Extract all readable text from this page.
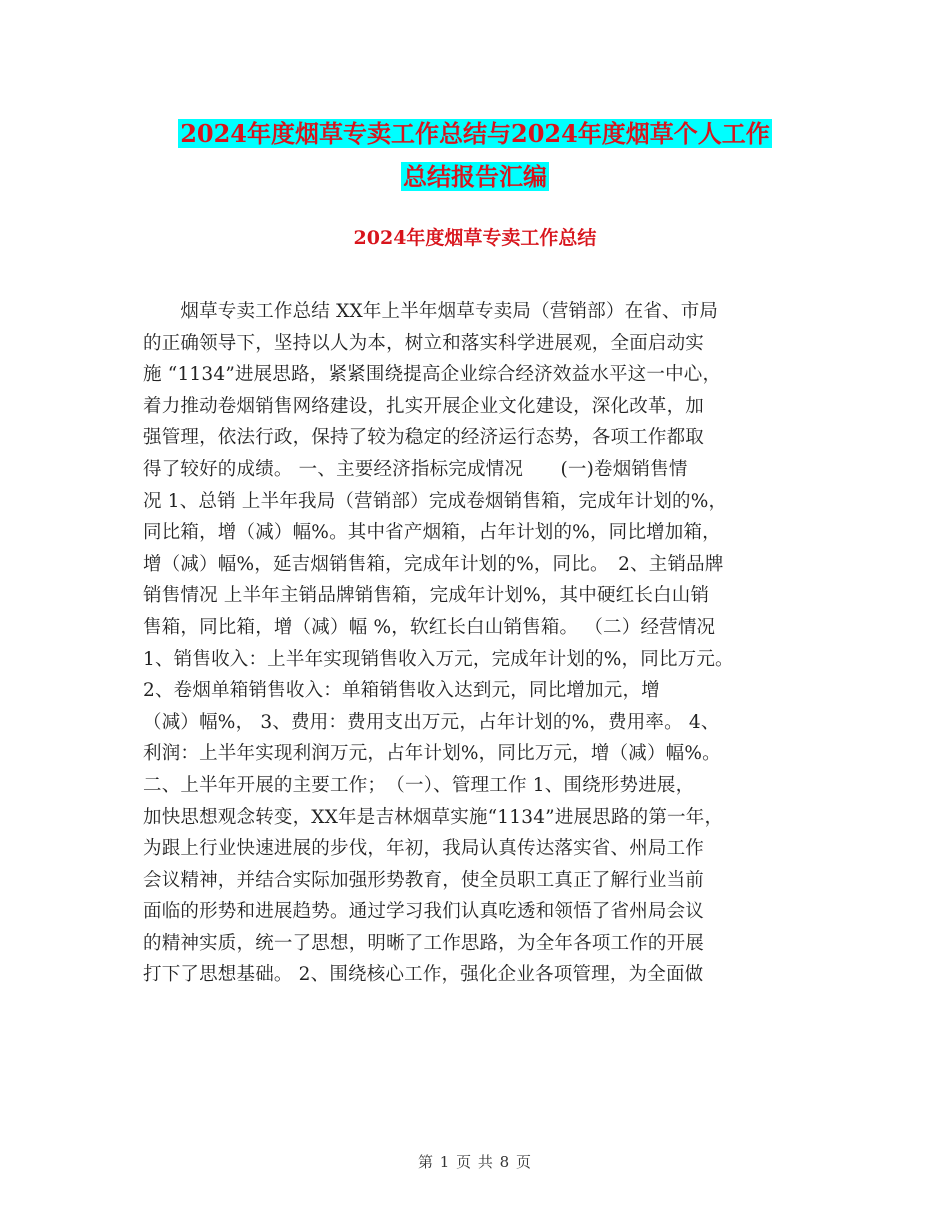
2024年度烟草专卖工作总结与2024年度烟草个人工作
总结报告汇编
2024年度烟草专卖工作总结
　　烟草专卖工作总结 XX年上半年烟草专卖局（营销部）在省、市局
的正确领导下，坚持以人为本，树立和落实科学进展观，全面启动实
施 “1134”进展思路，紧紧围绕提高企业综合经济效益水平这一中心，
着力推动卷烟销售网络建设，扎实开展企业文化建设，深化改革，加
强管理，依法行政，保持了较为稳定的经济运行态势，各项工作都取
得了较好的成绩。 一、主要经济指标完成情况　　(一)卷烟销售情
况 1、总销 上半年我局（营销部）完成卷烟销售箱，完成年计划的%，
同比箱，增（减）幅%。其中省产烟箱，占年计划的%，同比增加箱，
增（减）幅%，延吉烟销售箱，完成年计划的%，同比。　2、主销品牌
销售情况 上半年主销品牌销售箱，完成年计划%，其中硬红长白山销
售箱，同比箱，增（减）幅 %，软红长白山销售箱。 （二）经营情况
1、销售收入：上半年实现销售收入万元，完成年计划的%，同比万元。
2、卷烟单箱销售收入：单箱销售收入达到元，同比增加元，增
（减）幅%， 3、费用：费用支出万元，占年计划的%，费用率。 4、
利润：上半年实现利润万元，占年计划%，同比万元，增（减）幅%。
二、上半年开展的主要工作；　（一）、管理工作 1、围绕形势进展，
加快思想观念转变，XX年是吉林烟草实施“1134”进展思路的第一年，
为跟上行业快速进展的步伐，年初，我局认真传达落实省、州局工作
会议精神，并结合实际加强形势教育，使全员职工真正了解行业当前
面临的形势和进展趋势。通过学习我们认真吃透和领悟了省州局会议
的精神实质，统一了思想，明晰了工作思路，为全年各项工作的开展
打下了思想基础。 2、围绕核心工作，强化企业各项管理，为全面做
第 1 页 共 8 页
